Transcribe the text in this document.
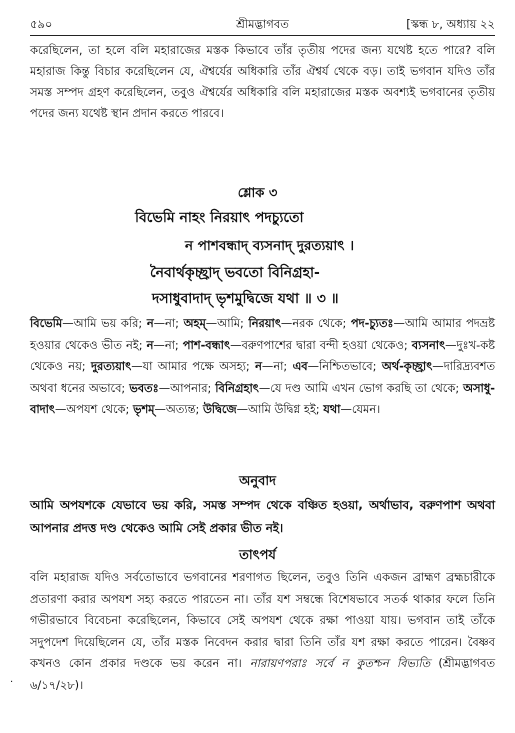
৫৯০	শ্রীমদ্ভাগবত	[স্কন্ধ ৮, অধ্যায় ২২
করেছিলেন, তা হলে বলি মহারাজের মস্তক কিভাবে তাঁর তৃতীয় পদের জন্য যথেষ্ট হতে পারে? বলি মহারাজ কিন্তু বিচার করেছিলেন যে, ঐশ্বর্যের অধিকারি তাঁর ঐশ্বর্য থেকে বড়। তাই ভগবান যদিও তাঁর সমস্ত সম্পদ গ্রহণ করেছিলেন, তবুও ঐশ্বর্যের অধিকারি বলি মহারাজের মস্তক অবশ্যই ভগবানের তৃতীয় পদের জন্য যথেষ্ট স্থান প্রদান করতে পারবে।
শ্লোক ৩
বিভেমি নাহং নিরয়াৎ পদচ্যুতো
ন পাশবন্ধাদ্ ব্যসনাদ্ দুরত্যয়াৎ ।
নৈবার্থকৃচ্ছ্রাদ্ ভবতো বিনিগ্রহা-
দসাধুবাদাদ্ ভৃশমুদ্বিজে যথা ॥ ৩ ॥
বিভেমি—আমি ভয় করি; ন—না; অহম্—আমি; নিরয়াৎ—নরক থেকে; পদ-চ্যুতঃ—আমি আমার পদভ্রষ্ট হওয়ার থেকেও ভীত নই; ন—না; পাশ-বন্ধাৎ—বরুণপাশের দ্বারা বন্দী হওয়া থেকেও; ব্যসনাৎ—দুঃখ-কষ্ট থেকেও নয়; দুরত্যয়াৎ—যা আমার পক্ষে অসহ্য; ন—না; এব—নিশ্চিতভাবে; অর্থ-কৃচ্ছ্রাৎ—দারিদ্র্যবশত অথবা ধনের অভাবে; ভবতঃ—আপনার; বিনিগ্রহাৎ—যে দণ্ড আমি এখন ভোগ করছি তা থেকে; অসাধু-বাদাৎ—অপযশ থেকে; ভৃশম্—অত্যন্ত; উদ্বিজে—আমি উদ্বিগ্ন হই; যথা—যেমন।
অনুবাদ
আমি অপযশকে যেভাবে ভয় করি, সমস্ত সম্পদ থেকে বঞ্চিত হওয়া, অর্থাভাব, বরুণপাশ অথবা আপনার প্রদত্ত দণ্ড থেকেও আমি সেই প্রকার ভীত নই।
তাৎপর্য
বলি মহারাজ যদিও সর্বতোভাবে ভগবানের শরণাগত ছিলেন, তবুও তিনি একজন ব্রাহ্মণ ব্রহ্মচারীকে প্রতারণা করার অপযশ সহ্য করতে পারতেন না। তাঁর যশ সম্বন্ধে বিশেষভাবে সতর্ক থাকার ফলে তিনি গভীরভাবে বিবেচনা করেছিলেন, কিভাবে সেই অপযশ থেকে রক্ষা পাওয়া যায়। ভগবান তাই তাঁকে সদুপদেশ দিয়েছিলেন যে, তাঁর মস্তক নিবেদন করার দ্বারা তিনি তাঁর যশ রক্ষা করতে পারেন। বৈষ্ণব কখনও কোন প্রকার দণ্ডকে ভয় করেন না। নারায়ণপরাঃ সর্বে ন কুতশ্চন বিভ্যতি (শ্রীমদ্ভাগবত ৬/১৭/২৮)।
·
